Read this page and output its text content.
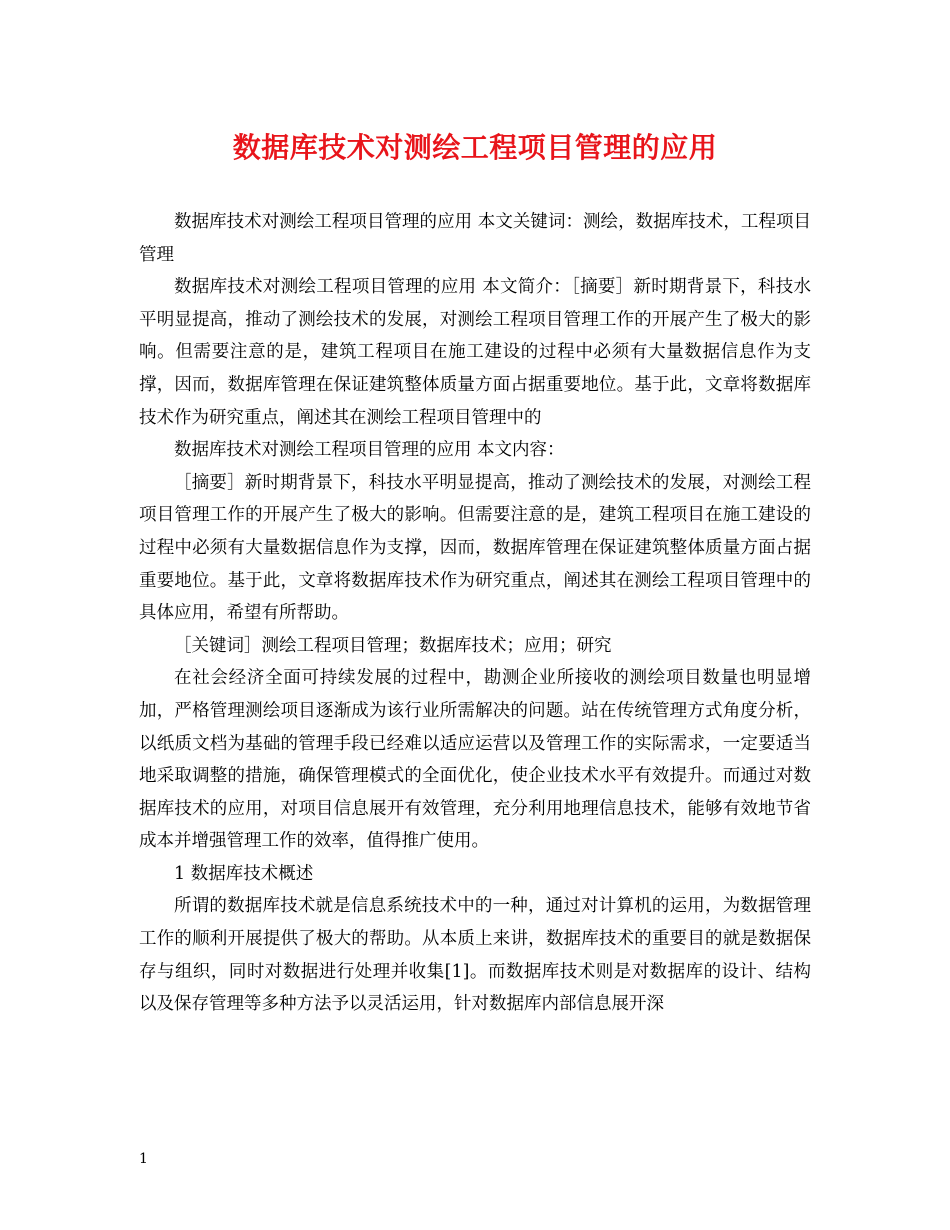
数据库技术对测绘工程项目管理的应用

数据库技术对测绘工程项目管理的应用 本文关键词：测绘，数据库技术，工程项目管理

数据库技术对测绘工程项目管理的应用 本文简介：［摘要］新时期背景下，科技水平明显提高，推动了测绘技术的发展，对测绘工程项目管理工作的开展产生了极大的影响。但需要注意的是，建筑工程项目在施工建设的过程中必须有大量数据信息作为支撑，因而，数据库管理在保证建筑整体质量方面占据重要地位。基于此，文章将数据库技术作为研究重点，阐述其在测绘工程项目管理中的

数据库技术对测绘工程项目管理的应用 本文内容：

［摘要］新时期背景下，科技水平明显提高，推动了测绘技术的发展，对测绘工程项目管理工作的开展产生了极大的影响。但需要注意的是，建筑工程项目在施工建设的过程中必须有大量数据信息作为支撑，因而，数据库管理在保证建筑整体质量方面占据重要地位。基于此，文章将数据库技术作为研究重点，阐述其在测绘工程项目管理中的具体应用，希望有所帮助。

［关键词］测绘工程项目管理；数据库技术；应用；研究

在社会经济全面可持续发展的过程中，勘测企业所接收的测绘项目数量也明显增加，严格管理测绘项目逐渐成为该行业所需解决的问题。站在传统管理方式角度分析，以纸质文档为基础的管理手段已经难以适应运营以及管理工作的实际需求，一定要适当地采取调整的措施，确保管理模式的全面优化，使企业技术水平有效提升。而通过对数据库技术的应用，对项目信息展开有效管理，充分利用地理信息技术，能够有效地节省成本并增强管理工作的效率，值得推广使用。

1 数据库技术概述

所谓的数据库技术就是信息系统技术中的一种，通过对计算机的运用，为数据管理工作的顺利开展提供了极大的帮助。从本质上来讲，数据库技术的重要目的就是数据保存与组织，同时对数据进行处理并收集[1]。而数据库技术则是对数据库的设计、结构以及保存管理等多种方法予以灵活运用，针对数据库内部信息展开深

1
